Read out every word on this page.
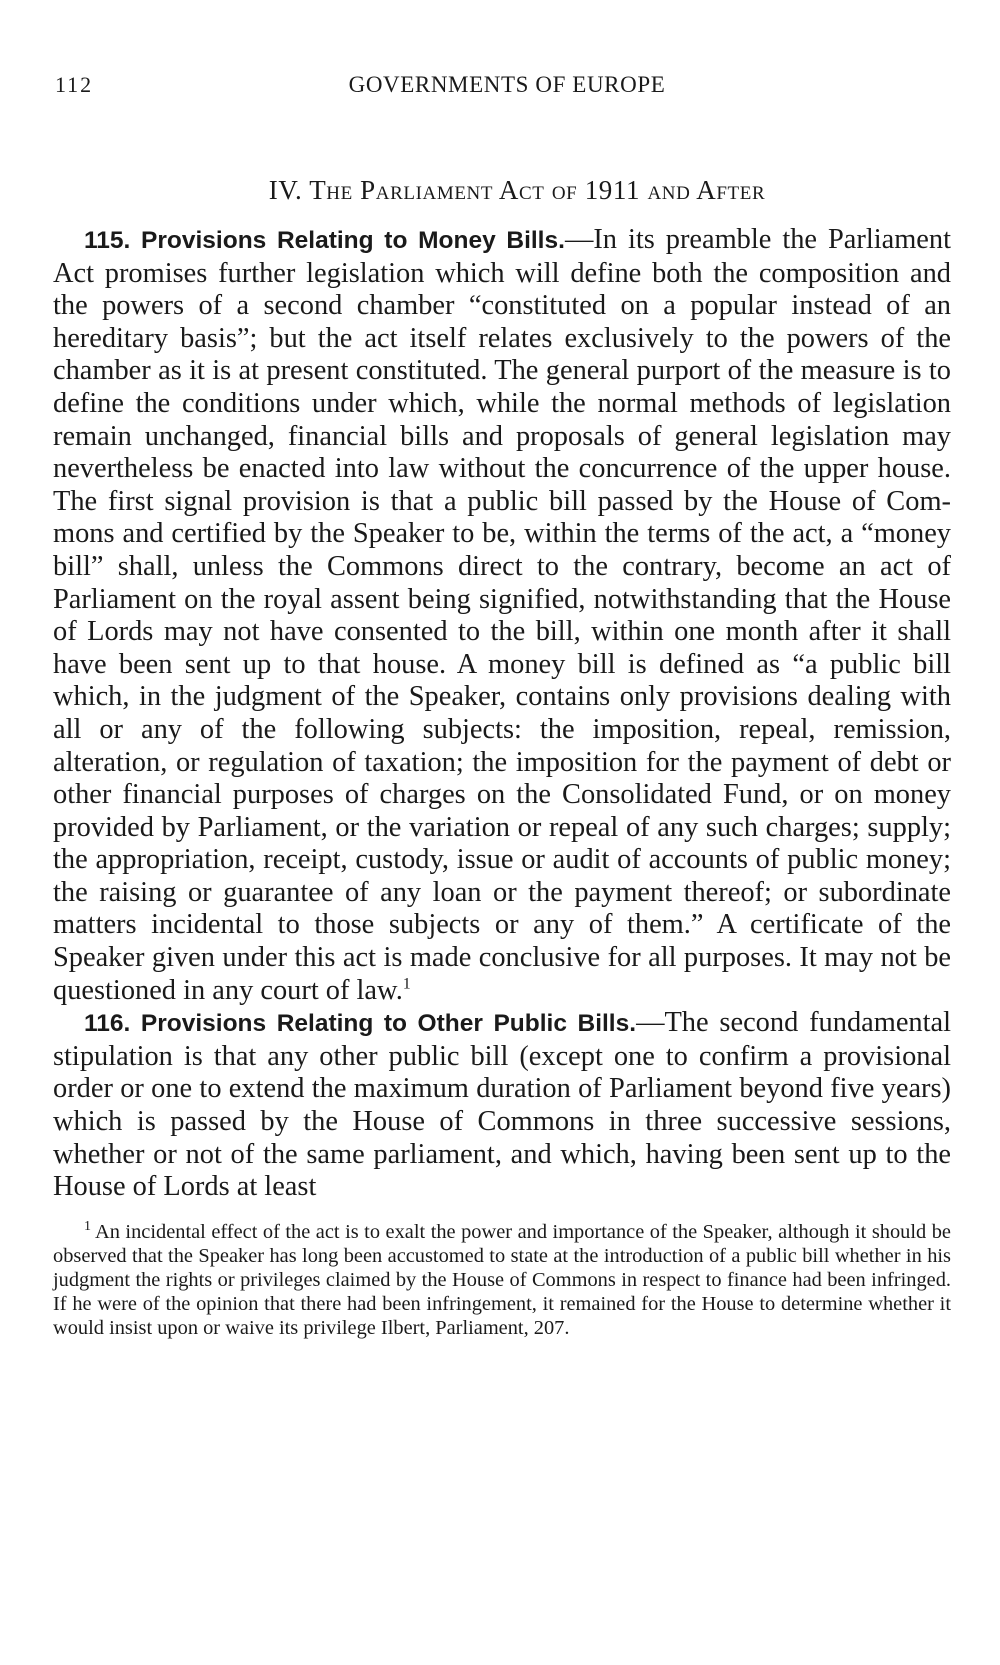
112	GOVERNMENTS OF EUROPE
IV. The Parliament Act of 1911 and After

115. Provisions Relating to Money Bills.—In its preamble the Parliament Act promises further legislation which will define both the composition and the powers of a second chamber “constituted on a popular instead of an hereditary basis”; but the act itself relates exclusively to the powers of the chamber as it is at present constituted. The general purport of the measure is to define the conditions under which, while the normal methods of legislation remain unchanged, financial bills and proposals of general legislation may nevertheless be enacted into law without the concurrence of the upper house. The first signal provision is that a public bill passed by the House of Commons and certified by the Speaker to be, within the terms of the act, a “money bill” shall, unless the Commons direct to the contrary, become an act of Parliament on the royal assent being signified, notwithstanding that the House of Lords may not have consented to the bill, within one month after it shall have been sent up to that house. A money bill is defined as “a public bill which, in the judgment of the Speaker, contains only provisions dealing with all or any of the following subjects: the imposition, repeal, remission, alteration, or regulation of taxation; the imposition for the payment of debt or other financial purposes of charges on the Consolidated Fund, or on money provided by Parliament, or the variation or repeal of any such charges; supply; the appropriation, receipt, custody, issue or audit of accounts of public money; the raising or guarantee of any loan or the payment thereof; or subordinate matters incidental to those subjects or any of them.” A certificate of the Speaker given under this act is made conclusive for all purposes. It may not be questioned in any court of law.$^1$

116. Provisions Relating to Other Public Bills.—The second fundamental stipulation is that any other public bill (except one to confirm a provisional order or one to extend the maximum duration of Parliament beyond five years) which is passed by the House of Commons in three successive sessions, whether or not of the same parliament, and which, having been sent up to the House of Lords at least

$^1$ An incidental effect of the act is to exalt the power and importance of the Speaker, although it should be observed that the Speaker has long been accustomed to state at the introduction of a public bill whether in his judgment the rights or privileges claimed by the House of Commons in respect to finance had been infringed. If he were of the opinion that there had been infringement, it remained for the House to determine whether it would insist upon or waive its privilege Ilbert, Parliament, 207.
